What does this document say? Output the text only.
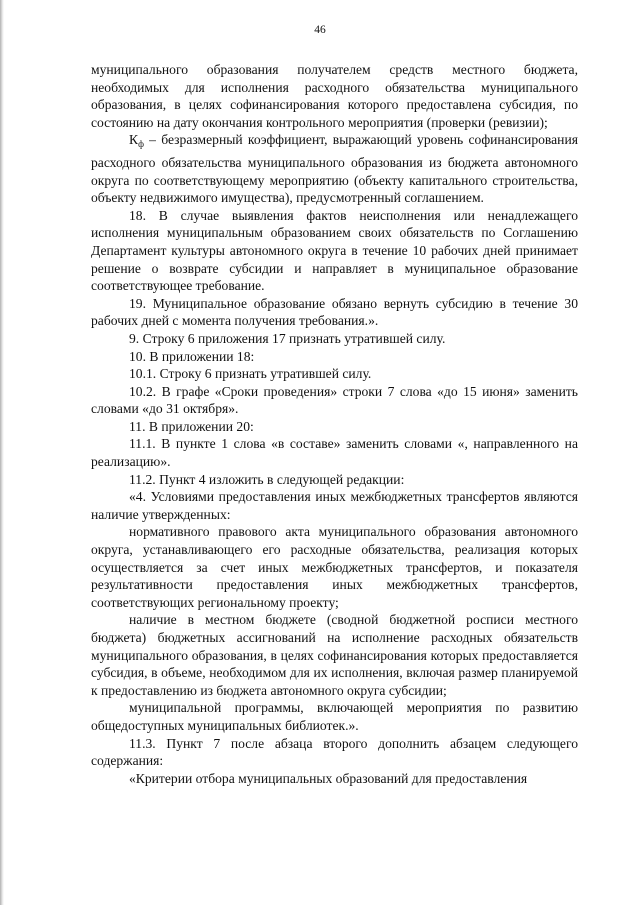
46

муниципального образования получателем средств местного бюджета, необходимых для исполнения расходного обязательства муниципального образования, в целях софинансирования которого предоставлена субсидия, по состоянию на дату окончания контрольного мероприятия (проверки (ревизии);

$К_ф$ – безразмерный коэффициент, выражающий уровень софинансирования расходного обязательства муниципального образования из бюджета автономного округа по соответствующему мероприятию (объекту капитального строительства, объекту недвижимого имущества), предусмотренный соглашением.

18. В случае выявления фактов неисполнения или ненадлежащего исполнения муниципальным образованием своих обязательств по Соглашению Департамент культуры автономного округа в течение 10 рабочих дней принимает решение о возврате субсидии и направляет в муниципальное образование соответствующее требование.

19. Муниципальное образование обязано вернуть субсидию в течение 30 рабочих дней с момента получения требования.».

9. Строку 6 приложения 17 признать утратившей силу.

10. В приложении 18:

10.1. Строку 6 признать утратившей силу.

10.2. В графе «Сроки проведения» строки 7 слова «до 15 июня» заменить словами «до 31 октября».

11. В приложении 20:

11.1. В пункте 1 слова «в составе» заменить словами «, направленного на реализацию».

11.2. Пункт 4 изложить в следующей редакции:

«4. Условиями предоставления иных межбюджетных трансфертов являются наличие утвержденных:

нормативного правового акта муниципального образования автономного округа, устанавливающего его расходные обязательства, реализация которых осуществляется за счет иных межбюджетных трансфертов, и показателя результативности предоставления иных межбюджетных трансфертов, соответствующих региональному проекту;

наличие в местном бюджете (сводной бюджетной росписи местного бюджета) бюджетных ассигнований на исполнение расходных обязательств муниципального образования, в целях софинансирования которых предоставляется субсидия, в объеме, необходимом для их исполнения, включая размер планируемой к предоставлению из бюджета автономного округа субсидии;

муниципальной программы, включающей мероприятия по развитию общедоступных муниципальных библиотек.».

11.3. Пункт 7 после абзаца второго дополнить абзацем следующего содержания:

«Критерии отбора муниципальных образований для предоставления
